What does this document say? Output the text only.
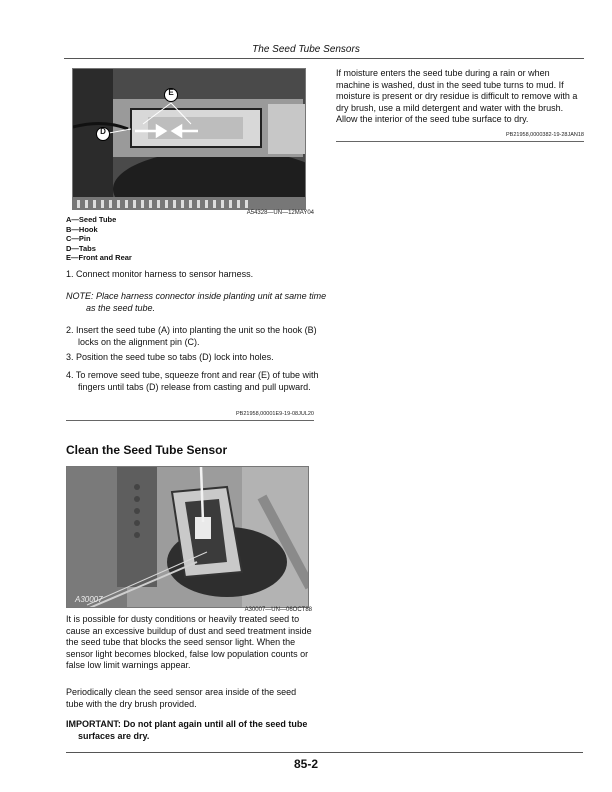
The Seed Tube Sensors
E
D
A54328—UN—12MAY04
A—Seed Tube
B—Hook
C—Pin
D—Tabs
E—Front and Rear
1. Connect monitor harness to sensor harness.
NOTE: Place harness connector inside planting unit at same time as the seed tube.
2. Insert the seed tube (A) into planting the unit so the hook (B) locks on the alignment pin (C).
3. Position the seed tube so tabs (D) lock into holes.
4. To remove seed tube, squeeze front and rear (E) of tube with fingers until tabs (D) release from casting and pull upward.
PB21958,00001E9-19-08JUL20
If moisture enters the seed tube during a rain or when machine is washed, dust in the seed tube turns to mud. If moisture is present or dry residue is difficult to remove with a dry brush, use a mild detergent and water with the brush. Allow the interior of the seed tube surface to dry.
PB21958,0000382-19-28JAN18
Clean the Seed Tube Sensor
A30007
A30007—UN—06OCT88
It is possible for dusty conditions or heavily treated seed to cause an excessive buildup of dust and seed treatment inside the seed tube that blocks the seed sensor light. When the sensor light becomes blocked, false low population counts or false low limit warnings appear.
Periodically clean the seed sensor area inside of the seed tube with the dry brush provided.
IMPORTANT: Do not plant again until all of the seed tube surfaces are dry.
85-2
